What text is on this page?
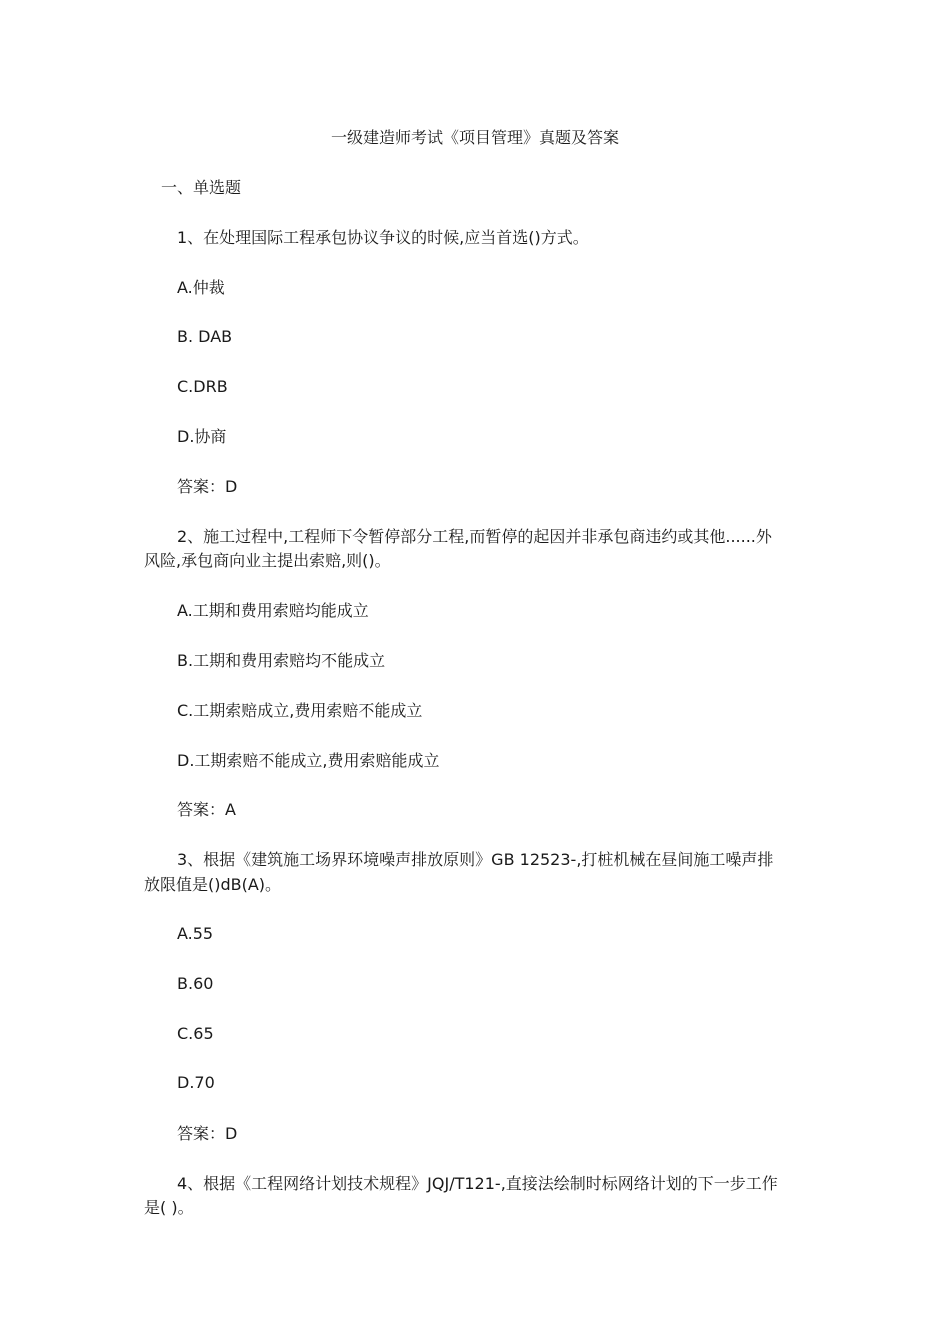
一级建造师考试《项目管理》真题及答案

一、单选题

1、在处理国际工程承包协议争议的时候,应当首选()方式。

A.仲裁

B. DAB

C.DRB

D.协商

答案：D

2、施工过程中,工程师下令暂停部分工程,而暂停的起因并非承包商违约或其他......外

风险,承包商向业主提出索赔,则()。

A.工期和费用索赔均能成立

B.工期和费用索赔均不能成立

C.工期索赔成立,费用索赔不能成立

D.工期索赔不能成立,费用索赔能成立

答案：A

3、根据《建筑施工场界环境噪声排放原则》GB 12523-,打桩机械在昼间施工噪声排

放限值是()dB(A)。

A.55

B.60

C.65

D.70

答案：D

4、根据《工程网络计划技术规程》JQJ/T121-,直接法绘制时标网络计划的下一步工作

是( )。
